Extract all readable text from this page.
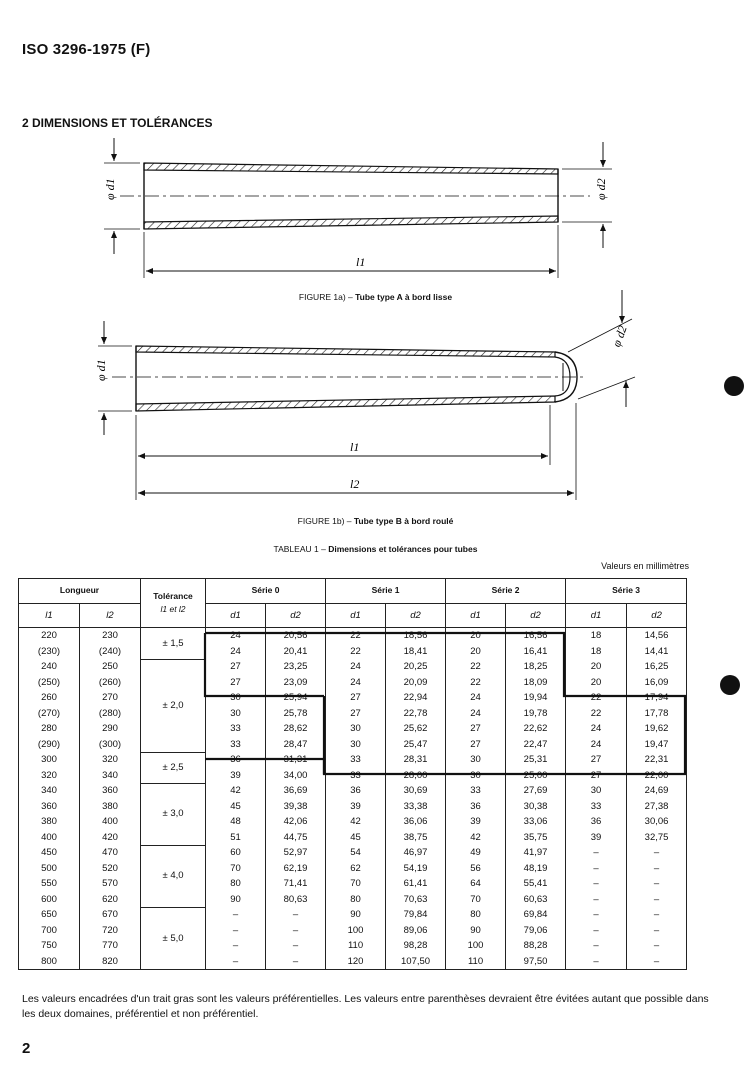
ISO 3296-1975 (F)
2 DIMENSIONS ET TOLÉRANCES
φ d1	φ d2
l1
FIGURE 1a) – Tube type A à bord lisse
φ d1
φ d2
l1
l2
FIGURE 1b) – Tube type B à bord roulé
TABLEAU 1 – Dimensions et tolérances pour tubes
Valeurs en millimètres
Longueur		Tolérance
l1 et l2	Série 0		Série 1		Série 2		Série 3	
l1	l2		d1	d2	d1	d2	d1	d2	d1	d2
220	230	± 1,5	24	20,56	22	18,56	20	16,56	18	14,56
(230)	(240)		24	20,41	22	18,41	20	16,41	18	14,41
240	250	± 2,0	27	23,25	24	20,25	22	18,25	20	16,25
(250)	(260)		27	23,09	24	20,09	22	18,09	20	16,09
260	270		30	25,94	27	22,94	24	19,94	22	17,94
(270)	(280)		30	25,78	27	22,78	24	19,78	22	17,78
280	290		33	28,62	30	25,62	27	22,62	24	19,62
(290)	(300)		33	28,47	30	25,47	27	22,47	24	19,47
300	320	± 2,5	36	31,31	33	28,31	30	25,31	27	22,31
320	340		39	34,00	33	28,00	30	25,00	27	22,00
340	360	± 3,0	42	36,69	36	30,69	33	27,69	30	24,69
360	380		45	39,38	39	33,38	36	30,38	33	27,38
380	400		48	42,06	42	36,06	39	33,06	36	30,06
400	420		51	44,75	45	38,75	42	35,75	39	32,75
450	470	± 4,0	60	52,97	54	46,97	49	41,97	–	–
500	520		70	62,19	62	54,19	56	48,19	–	–
550	570		80	71,41	70	61,41	64	55,41	–	–
600	620		90	80,63	80	70,63	70	60,63	–	–
650	670	± 5,0	–	–	90	79,84	80	69,84	–	–
700	720		–	–	100	89,06	90	79,06	–	–
750	770		–	–	110	98,28	100	88,28	–	–
800	820		–	–	120	107,50	110	97,50	–	–
Les valeurs encadrées d'un trait gras sont les valeurs préférentielles. Les valeurs entre parenthèses devraient être évitées autant que possible dans les deux domaines, préférentiel et non préférentiel.
2
